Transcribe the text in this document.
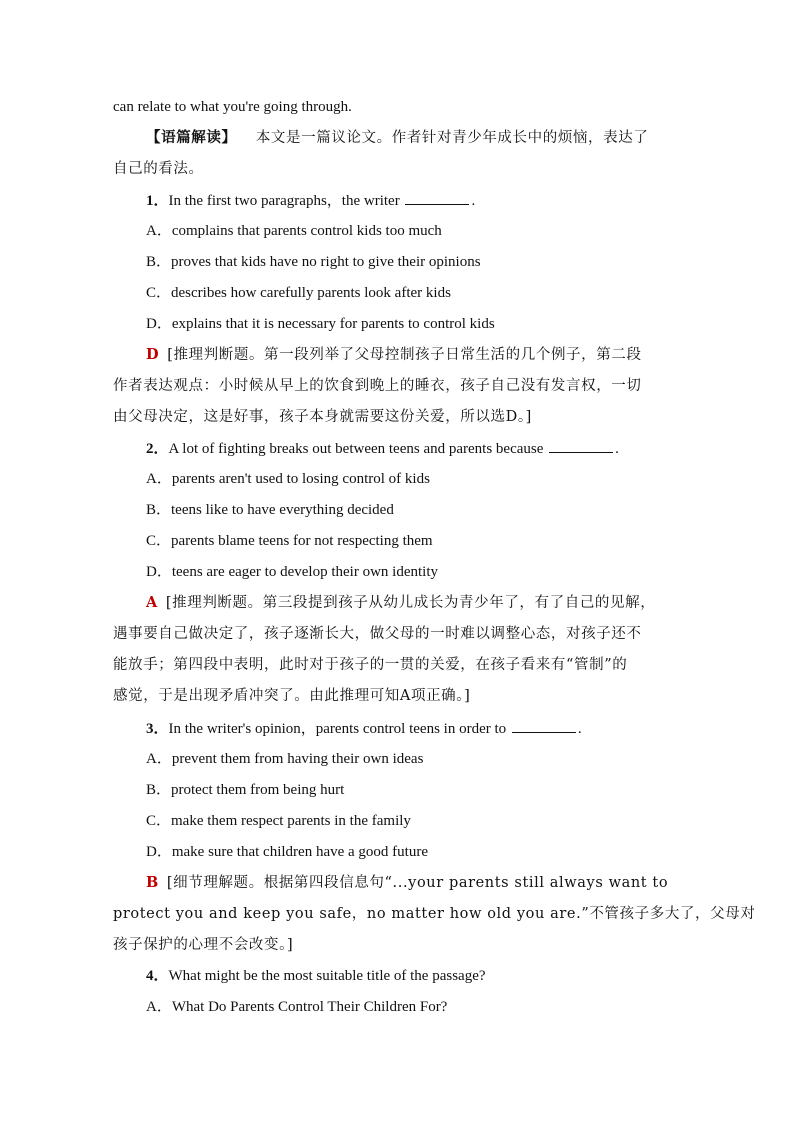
can relate to what you're going through.
【语篇解读】 本文是一篇议论文。作者针对青少年成长中的烦恼，表达了
自己的看法。
1．In the first two paragraphs，the writer	.
A．complains that parents control kids too much
B．proves that kids have no right to give their opinions
C．describes how carefully parents look after kids
D．explains that it is necessary for parents to control kids
D [推理判断题。第一段列举了父母控制孩子日常生活的几个例子，第二段
作者表达观点：小时候从早上的饮食到晚上的睡衣，孩子自己没有发言权，一切
由父母决定，这是好事，孩子本身就需要这份关爱，所以选D。]
2．A lot of fighting breaks out between teens and parents because	.
A．parents aren't used to losing control of kids
B．teens like to have everything decided
C．parents blame teens for not respecting them
D．teens are eager to develop their own identity
A [推理判断题。第三段提到孩子从幼儿成长为青少年了，有了自己的见解，
遇事要自己做决定了，孩子逐渐长大，做父母的一时难以调整心态，对孩子还不
能放手；第四段中表明，此时对于孩子的一贯的关爱，在孩子看来有“管制”的
感觉，于是出现矛盾冲突了。由此推理可知A项正确。]
3．In the writer's opinion，parents control teens in order to	.
A．prevent them from having their own ideas
B．protect them from being hurt
C．make them respect parents in the family
D．make sure that children have a good future
B [细节理解题。根据第四段信息句“...your parents still always want to
protect you and keep you safe，no matter how old you are.”不管孩子多大了，父母对
孩子保护的心理不会改变。]
4．What might be the most suitable title of the passage?
A．What Do Parents Control Their Children For?
